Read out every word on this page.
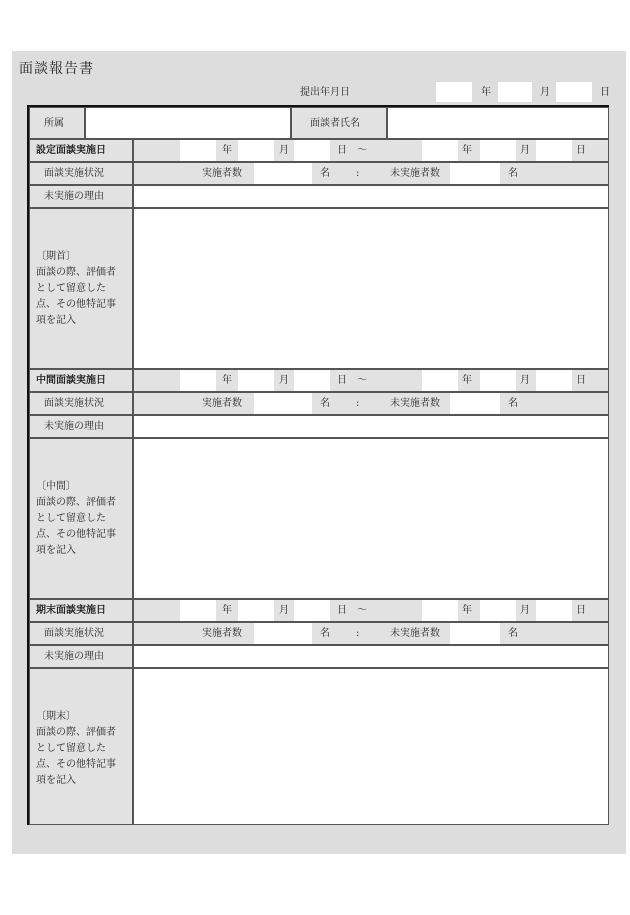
面談報告書
提出年月日	年	月	日
所属	面談者氏名
設定面談実施日	年	月	日 〜	年	月	日
面談実施状況	実施者数	名	:	未実施者数	名
未実施の理由
〔期首〕
面談の際、評価者
として留意した
点、その他特記事
項を記入
中間面談実施日	年	月	日 〜	年	月	日
面談実施状況	実施者数	名	:	未実施者数	名
未実施の理由
〔中間〕
面談の際、評価者
として留意した
点、その他特記事
項を記入
期末面談実施日	年	月	日 〜	年	月	日
面談実施状況	実施者数	名	:	未実施者数	名
未実施の理由
〔期末〕
面談の際、評価者
として留意した
点、その他特記事
項を記入
